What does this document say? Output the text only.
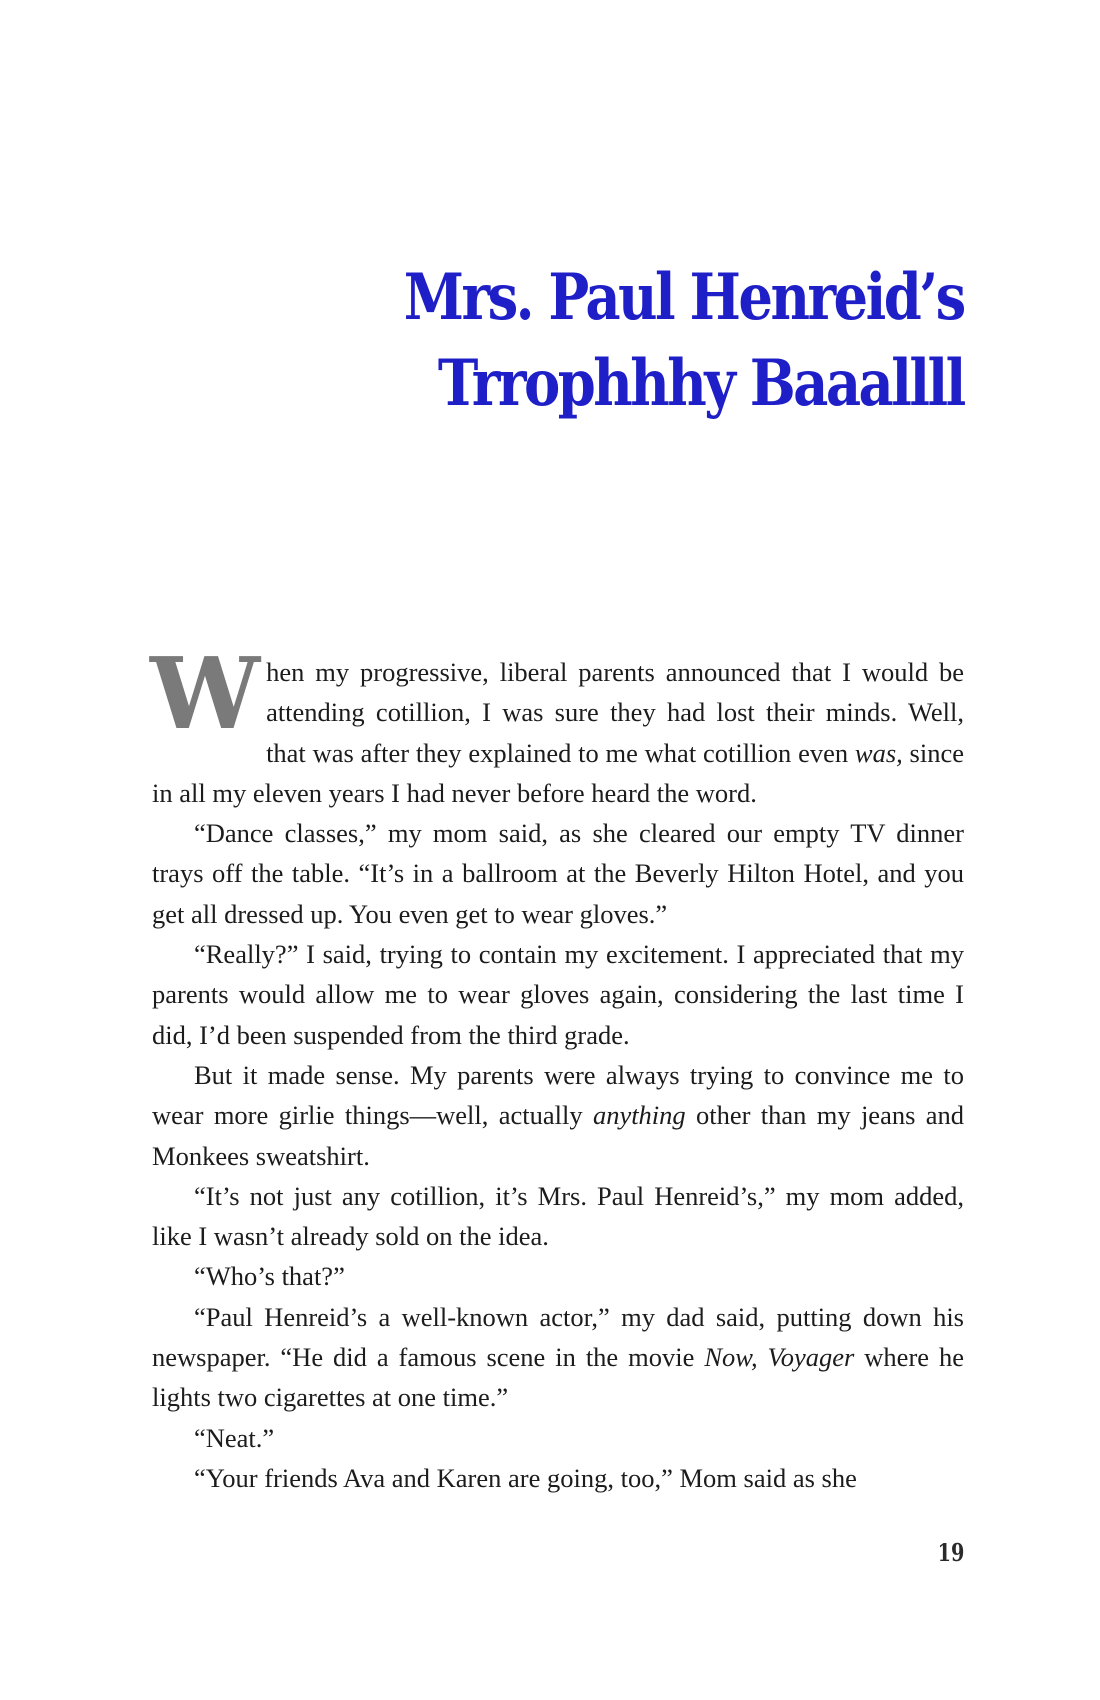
Mrs. Paul Henreid’s
Trrophhhy Baaallll

When my progressive, liberal parents announced that I would be attending cotillion, I was sure they had lost their minds. Well, that was after they explained to me what cotillion even was, since in all my eleven years I had never before heard the word.

“Dance classes,” my mom said, as she cleared our empty TV dinner trays off the table. “It’s in a ballroom at the Beverly Hilton Hotel, and you get all dressed up. You even get to wear gloves.”

“Really?” I said, trying to contain my excitement. I appreciated that my parents would allow me to wear gloves again, considering the last time I did, I’d been suspended from the third grade.

But it made sense. My parents were always trying to convince me to wear more girlie things—well, actually anything other than my jeans and Monkees sweatshirt.

“It’s not just any cotillion, it’s Mrs. Paul Henreid’s,” my mom added, like I wasn’t already sold on the idea.

“Who’s that?”

“Paul Henreid’s a well-known actor,” my dad said, putting down his newspaper. “He did a famous scene in the movie Now, Voyager where he lights two cigarettes at one time.”

“Neat.”

“Your friends Ava and Karen are going, too,” Mom said as she

19
